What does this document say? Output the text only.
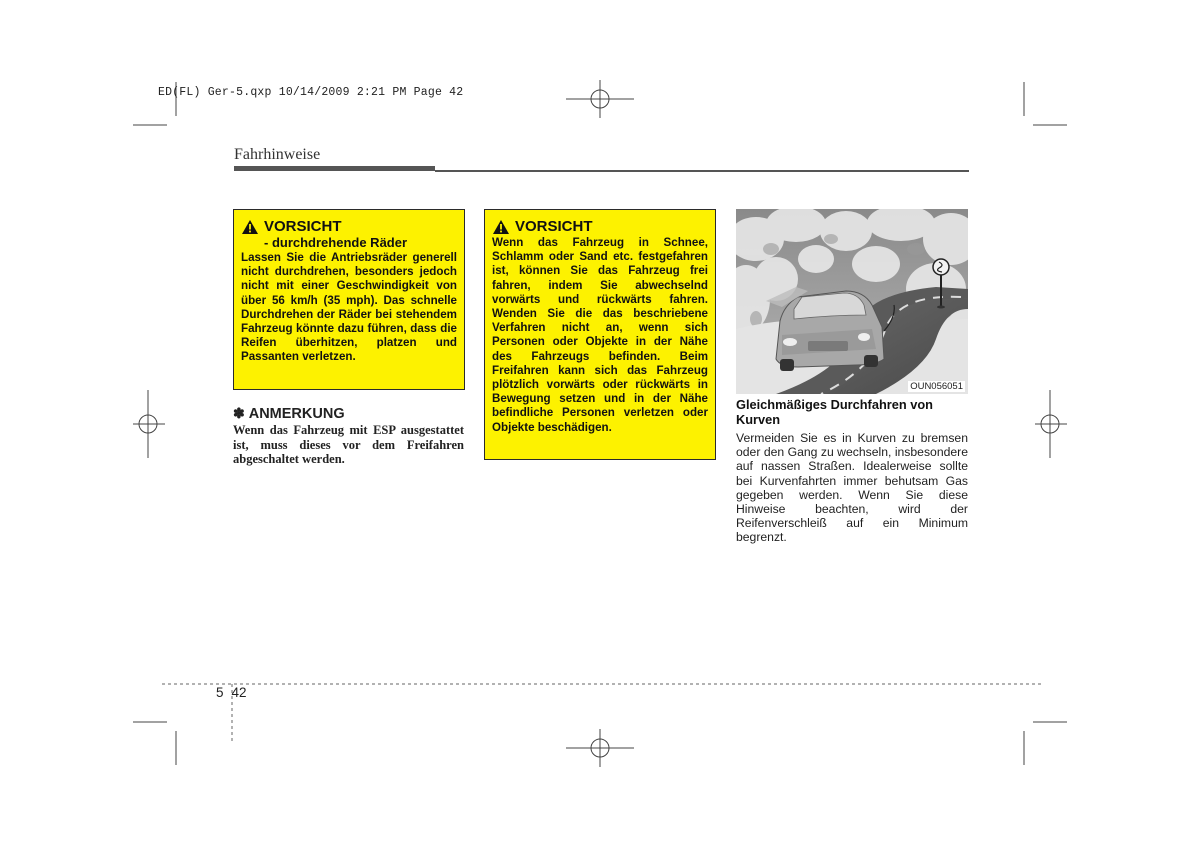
ED(FL) Ger-5.qxp 10/14/2009 2:21 PM Page 42
Fahrhinweise
VORSICHT
- durchdrehende Räder
Lassen Sie die Antriebsräder generell nicht durchdrehen, besonders jedoch nicht mit einer Geschwindigkeit von über 56 km/h (35 mph). Das schnelle Durchdrehen der Räder bei stehendem Fahrzeug könnte dazu führen, dass die Reifen überhitzen, platzen und Passanten verletzen.
✽ ANMERKUNG
Wenn das Fahrzeug mit ESP ausgestattet ist, muss dieses vor dem Freifahren abgeschaltet werden.
VORSICHT
Wenn das Fahrzeug in Schnee, Schlamm oder Sand etc. festgefahren ist, können Sie das Fahrzeug frei fahren, indem Sie abwechselnd vorwärts und rückwärts fahren. Wenden Sie die das beschriebene Verfahren nicht an, wenn sich Personen oder Objekte in der Nähe des Fahrzeugs befinden. Beim Freifahren kann sich das Fahrzeug plötzlich vorwärts oder rückwärts in Bewegung setzen und in der Nähe befindliche Personen verletzen oder Objekte beschädigen.
OUN056051
Gleichmäßiges Durchfahren von Kurven
Vermeiden Sie es in Kurven zu bremsen oder den Gang zu wechseln, insbesondere auf nassen Straßen. Idealerweise sollte bei Kurvenfahrten immer behutsam Gas gegeben werden. Wenn Sie diese Hinweise beachten, wird der Reifenverschleiß auf ein Minimum begrenzt.
5 42
